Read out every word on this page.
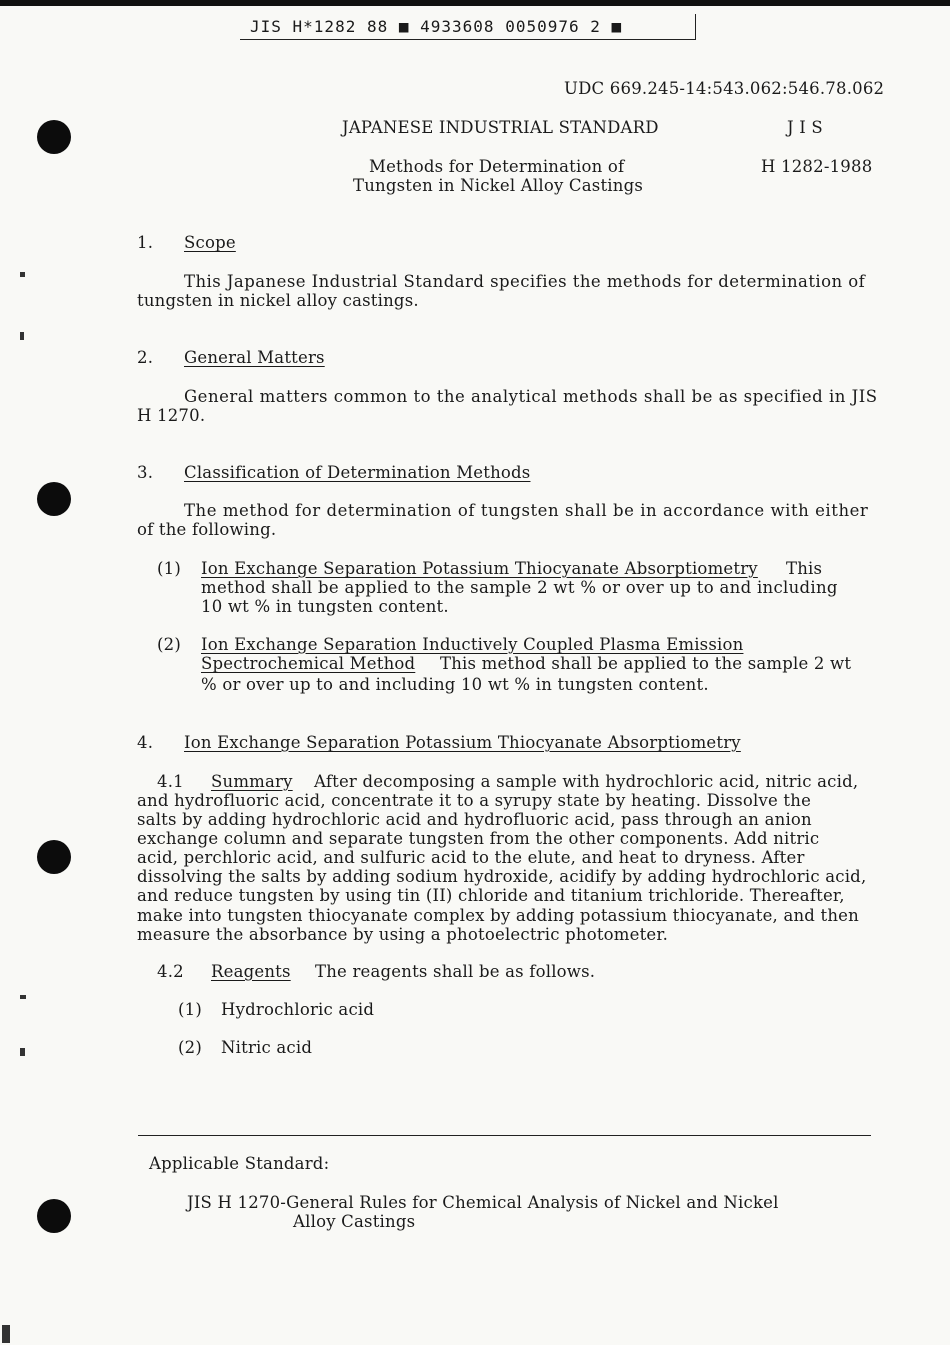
JIS H*1282 88 ■ 4933608 0050976 2 ■
UDC 669.245-14:543.062:546.78.062
JAPANESE INDUSTRIAL STANDARD	J I S
Methods for Determination of
Tungsten in Nickel Alloy Castings
H 1282-1988
1. Scope
This Japanese Industrial Standard specifies the methods for determination of
tungsten in nickel alloy castings.
2. General Matters
General matters common to the analytical methods shall be as specified in JIS
H 1270.
3. Classification of Determination Methods
The method for determination of tungsten shall be in accordance with either
of the following.
(1) Ion Exchange Separation Potassium Thiocyanate Absorptiometry This
method shall be applied to the sample 2 wt % or over up to and including
10 wt % in tungsten content.
(2) Ion Exchange Separation Inductively Coupled Plasma Emission
Spectrochemical Method This method shall be applied to the sample 2 wt
% or over up to and including 10 wt % in tungsten content.
4. Ion Exchange Separation Potassium Thiocyanate Absorptiometry
4.1 Summary After decomposing a sample with hydrochloric acid, nitric acid,
and hydrofluoric acid, concentrate it to a syrupy state by heating. Dissolve the
salts by adding hydrochloric acid and hydrofluoric acid, pass through an anion
exchange column and separate tungsten from the other components. Add nitric
acid, perchloric acid, and sulfuric acid to the elute, and heat to dryness. After
dissolving the salts by adding sodium hydroxide, acidify by adding hydrochloric acid,
and reduce tungsten by using tin (II) chloride and titanium trichloride. Thereafter,
make into tungsten thiocyanate complex by adding potassium thiocyanate, and then
measure the absorbance by using a photoelectric photometer.
4.2 Reagents The reagents shall be as follows.
(1) Hydrochloric acid
(2) Nitric acid
Applicable Standard:
JIS H 1270-General Rules for Chemical Analysis of Nickel and Nickel
Alloy Castings
